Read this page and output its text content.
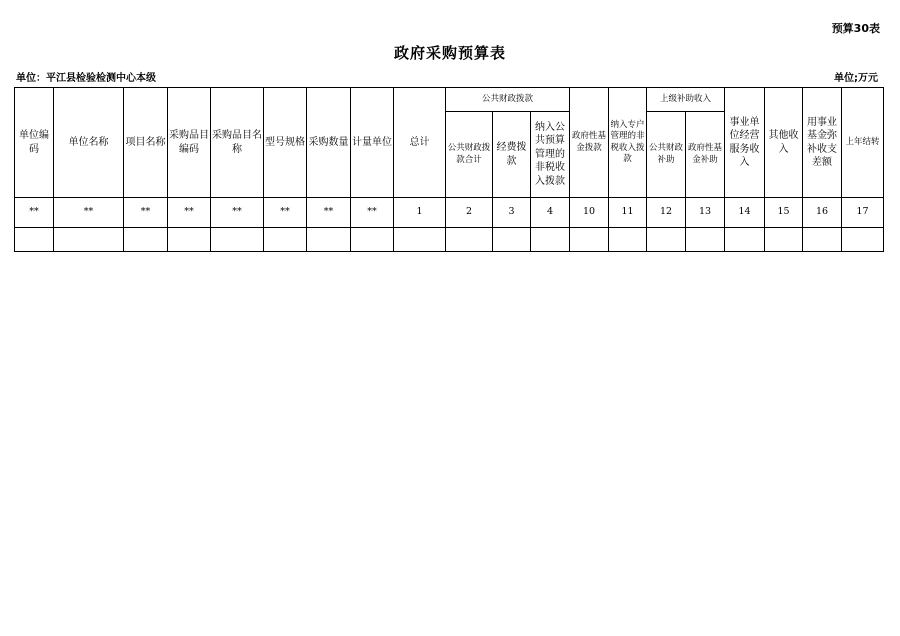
预算30表
政府采购预算表
单位：平江县检验检测中心本级	单位;万元
单位编码	单位名称	项目名称	采购品目编码	采购品目名称	型号规格	采购数量	计量单位	总计	公共财政拨款			政府性基金拨款	纳入专户管理的非税收入拨款	上级补助收入		事业单位经营服务收入	其他收入	用事业基金弥补收支差额	上年结转
									公共财政拨款合计	经费拨款	纳入公共预算管理的非税收入拨款			公共财政补助	政府性基金补助				
**	**	**	**	**	**	**	**	1	2	3	4	10	11	12	13	14	15	16	17
